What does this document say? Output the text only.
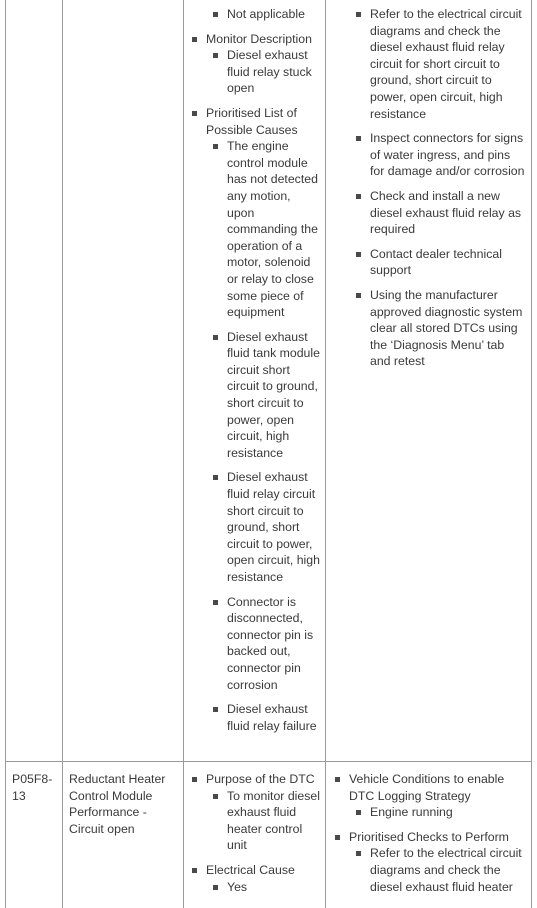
Not applicable
Monitor Description
Diesel exhaust fluid relay stuck open
Prioritised List of Possible Causes
The engine control module has not detected any motion, upon commanding the operation of a motor, solenoid or relay to close some piece of equipment
Diesel exhaust fluid tank module circuit short circuit to ground, short circuit to power, open circuit, high resistance
Diesel exhaust fluid relay circuit short circuit to ground, short circuit to power, open circuit, high resistance
Connector is disconnected, connector pin is backed out, connector pin corrosion
Diesel exhaust fluid relay failure
Refer to the electrical circuit diagrams and check the diesel exhaust fluid relay circuit for short circuit to ground, short circuit to power, open circuit, high resistance
Inspect connectors for signs of water ingress, and pins for damage and/or corrosion
Check and install a new diesel exhaust fluid relay as required
Contact dealer technical support
Using the manufacturer approved diagnostic system clear all stored DTCs using the ‘Diagnosis Menu’ tab and retest
P05F8-13
Reductant Heater Control Module Performance - Circuit open
Purpose of the DTC
To monitor diesel exhaust fluid heater control unit
Electrical Cause
Yes
Vehicle Conditions to enable DTC Logging Strategy
Engine running
Prioritised Checks to Perform
Refer to the electrical circuit diagrams and check the diesel exhaust fluid heater
